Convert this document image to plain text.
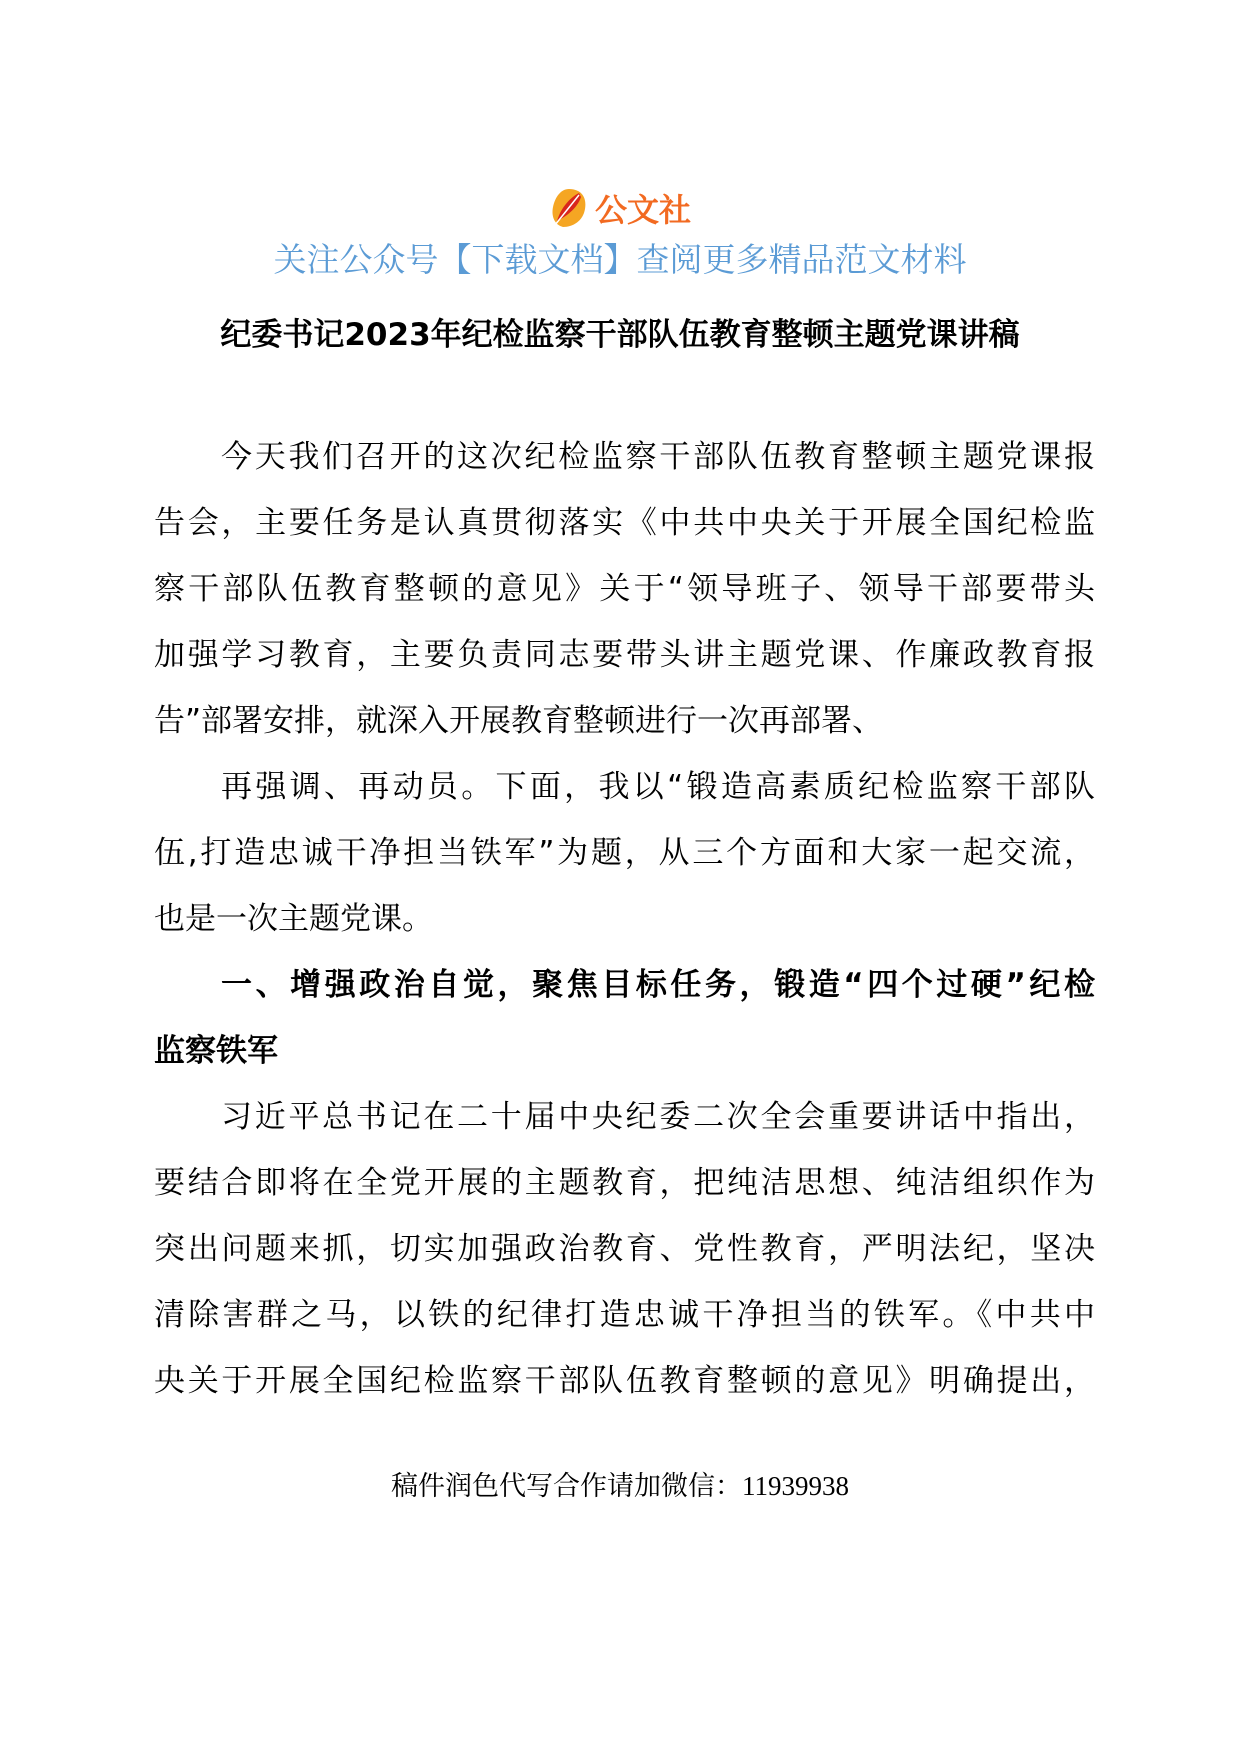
公文社
关注公众号【下载文档】查阅更多精品范文材料
纪委书记2023年纪检监察干部队伍教育整顿主题党课讲稿
今天我们召开的这次纪检监察干部队伍教育整顿主题党课报
告会，主要任务是认真贯彻落实《中共中央关于开展全国纪检监
察干部队伍教育整顿的意见》关于“领导班子、领导干部要带头
加强学习教育，主要负责同志要带头讲主题党课、作廉政教育报
告”部署安排，就深入开展教育整顿进行一次再部署、
再强调、再动员。下面，我以“锻造高素质纪检监察干部队
伍,打造忠诚干净担当铁军”为题，从三个方面和大家一起交流，
也是一次主题党课。
一、增强政治自觉，聚焦目标任务，锻造“四个过硬”纪检
监察铁军
习近平总书记在二十届中央纪委二次全会重要讲话中指出，
要结合即将在全党开展的主题教育，把纯洁思想、纯洁组织作为
突出问题来抓，切实加强政治教育、党性教育，严明法纪，坚决
清除害群之马，以铁的纪律打造忠诚干净担当的铁军。《中共中
央关于开展全国纪检监察干部队伍教育整顿的意见》明确提出，
稿件润色代写合作请加微信：11939938
